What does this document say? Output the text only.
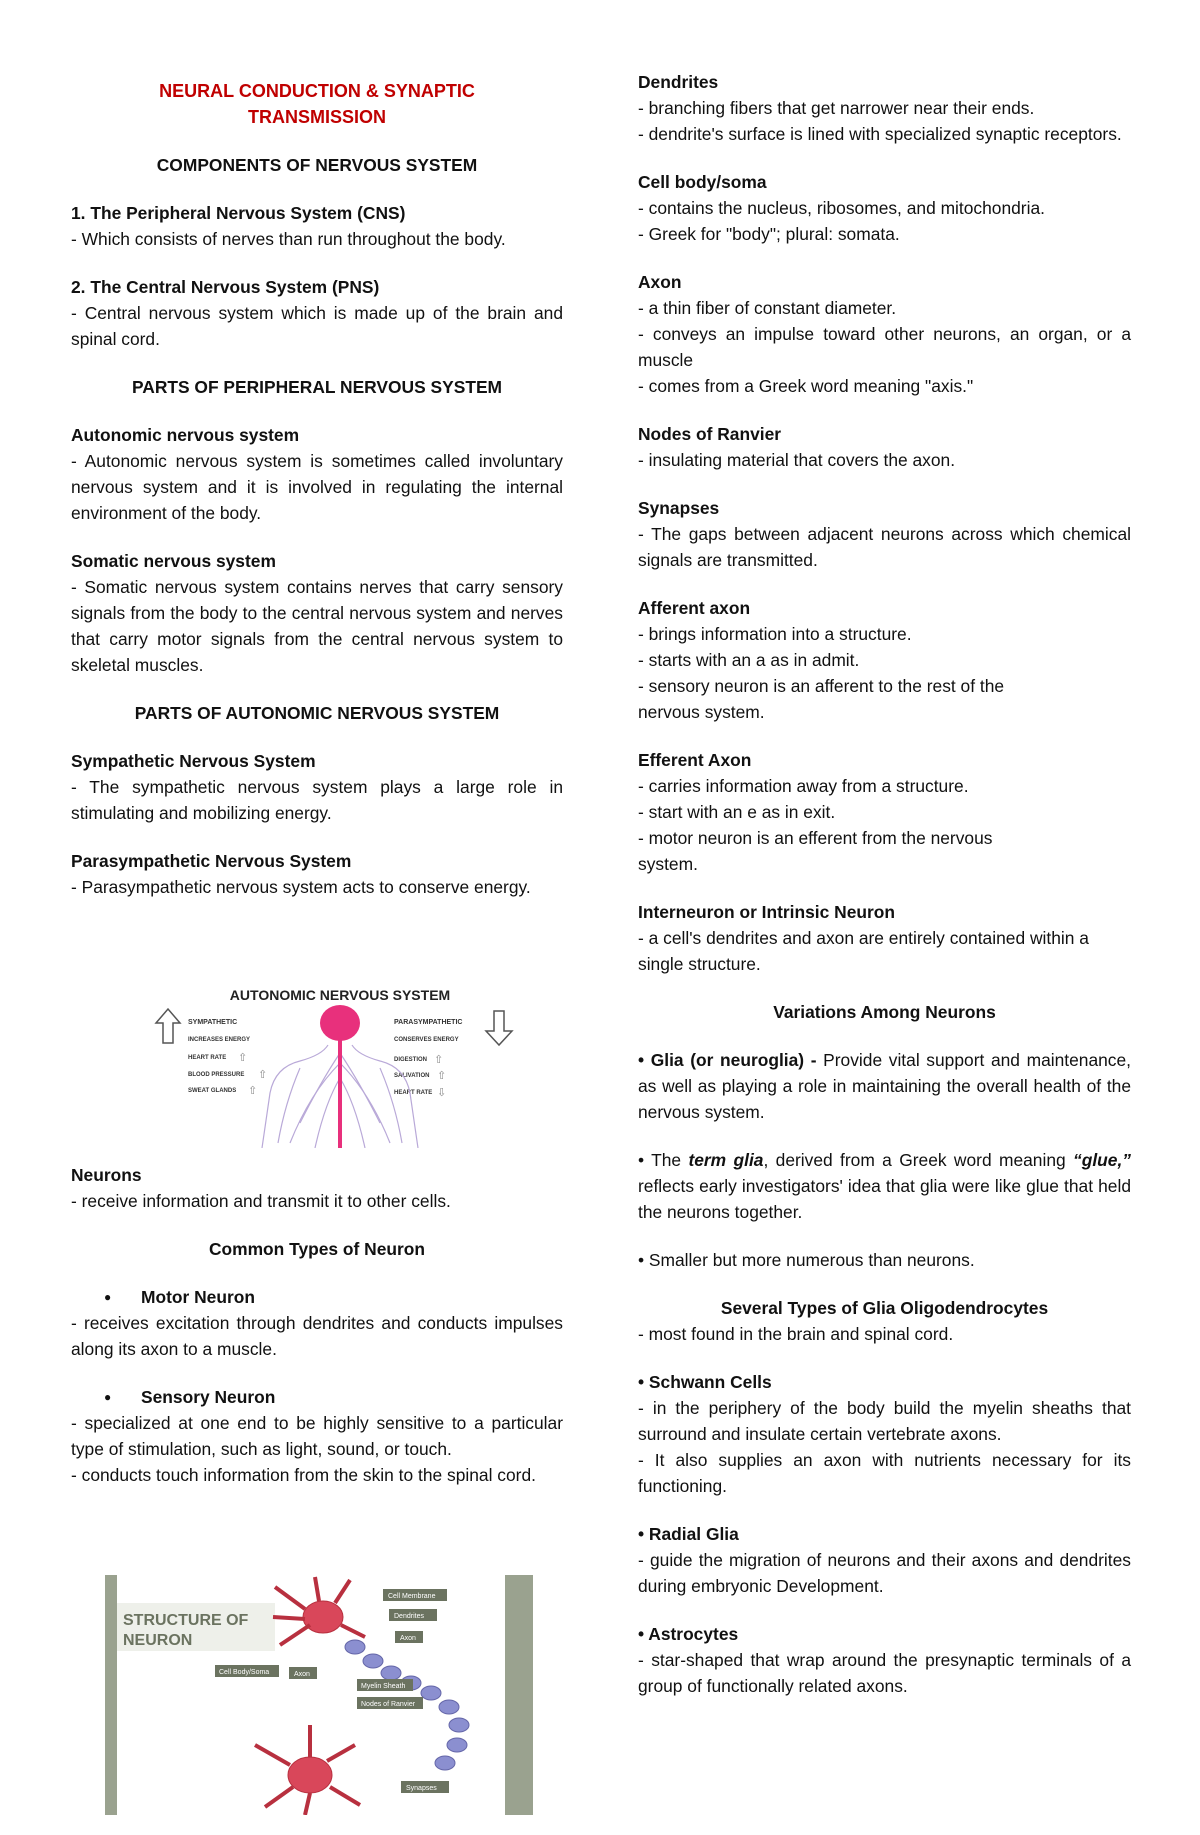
NEURAL CONDUCTION & SYNAPTIC

TRANSMISSION

COMPONENTS OF NERVOUS SYSTEM

1. The Peripheral Nervous System (CNS)

- Which consists of nerves than run throughout the body.

2. The Central Nervous System (PNS)

- Central nervous system which is made up of the brain and spinal cord.

PARTS OF PERIPHERAL NERVOUS SYSTEM

Autonomic nervous system

- Autonomic nervous system is sometimes called involuntary nervous system and it is involved in regulating the internal environment of the body.

Somatic nervous system

- Somatic nervous system contains nerves that carry sensory signals from the body to the central nervous system and nerves that carry motor signals from the central nervous system to skeletal muscles.

PARTS OF AUTONOMIC NERVOUS SYSTEM

Sympathetic Nervous System

- The sympathetic nervous system plays a large role in stimulating and mobilizing energy.

Parasympathetic Nervous System

- Parasympathetic nervous system acts to conserve energy.

AUTONOMIC NERVOUS SYSTEM
SYMPATHETIC
INCREASES ENERGY
HEART RATE
BLOOD PRESSURE
SWEAT GLANDS
⇧
⇧
⇧
PARASYMPATHETIC
CONSERVES ENERGY
DIGESTION
SALIVATION
HEART RATE
⇧
⇧
⇩

Neurons

- receive information and transmit it to other cells.

Common Types of Neuron

● Motor Neuron

- receives excitation through dendrites and conducts impulses along its axon to a muscle.

● Sensory Neuron

- specialized at one end to be highly sensitive to a particular type of stimulation, such as light, sound, or touch.

- conducts touch information from the skin to the spinal cord.

STRUCTURE OF
NEURON
Cell Membrane
Dendrites
Axon
Cell Body/Soma	Axon
Myelin Sheath
Nodes of Ranvier
Synapses

Dendrites

- branching fibers that get narrower near their ends.

- dendrite's surface is lined with specialized synaptic receptors.

Cell body/soma

- contains the nucleus, ribosomes, and mitochondria.

- Greek for "body"; plural: somata.

Axon

- a thin fiber of constant diameter.

- conveys an impulse toward other neurons, an organ, or a muscle

- comes from a Greek word meaning "axis."

Nodes of Ranvier

- insulating material that covers the axon.

Synapses

- The gaps between adjacent neurons across which chemical signals are transmitted.

Afferent axon

- brings information into a structure.

- starts with an a as in admit.

- sensory neuron is an afferent to the rest of the nervous system.

Efferent Axon

- carries information away from a structure.

- start with an e as in exit.

- motor neuron is an efferent from the nervous system.

Interneuron or Intrinsic Neuron

- a cell's dendrites and axon are entirely contained within a single structure.

Variations Among Neurons

• Glia (or neuroglia) - Provide vital support and maintenance, as well as playing a role in maintaining the overall health of the nervous system.

• The term glia, derived from a Greek word meaning “glue,” reflects early investigators' idea that glia were like glue that held the neurons together.

• Smaller but more numerous than neurons.

Several Types of Glia Oligodendrocytes

- most found in the brain and spinal cord.

• Schwann Cells

- in the periphery of the body build the myelin sheaths that surround and insulate certain vertebrate axons.

- It also supplies an axon with nutrients necessary for its functioning.

• Radial Glia

- guide the migration of neurons and their axons and dendrites during embryonic Development.

• Astrocytes

- star-shaped that wrap around the presynaptic terminals of a group of functionally related axons.
